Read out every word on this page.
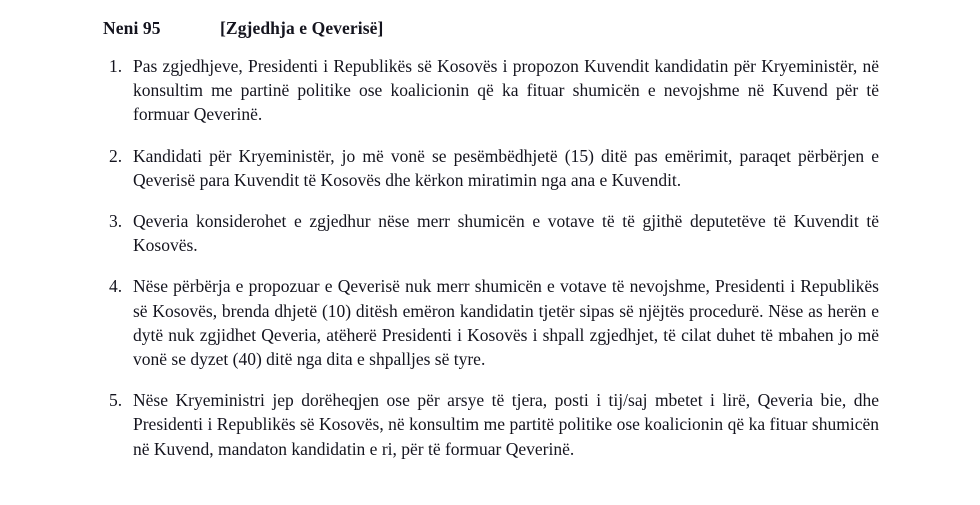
Neni 95	[Zgjedhja e Qeverisë]
1. Pas zgjedhjeve, Presidenti i Republikës së Kosovës i propozon Kuvendit kandidatin për Kryeministër, në konsultim me partinë politike ose koalicionin që ka fituar shumicën e nevojshme në Kuvend për të formuar Qeverinë.
2. Kandidati për Kryeministër, jo më vonë se pesëmbëdhjetë (15) ditë pas emërimit, paraqet përbërjen e Qeverisë para Kuvendit të Kosovës dhe kërkon miratimin nga ana e Kuvendit.
3. Qeveria konsiderohet e zgjedhur nëse merr shumicën e votave të të gjithë deputetëve të Kuvendit të Kosovës.
4. Nëse përbërja e propozuar e Qeverisë nuk merr shumicën e votave të nevojshme, Presidenti i Republikës së Kosovës, brenda dhjetë (10) ditësh emëron kandidatin tjetër sipas së njëjtës procedurë. Nëse as herën e dytë nuk zgjidhet Qeveria, atëherë Presidenti i Kosovës i shpall zgjedhjet, të cilat duhet të mbahen jo më vonë se dyzet (40) ditë nga dita e shpalljes së tyre.
5. Nëse Kryeministri jep dorëheqjen ose për arsye të tjera, posti i tij/saj mbetet i lirë, Qeveria bie, dhe Presidenti i Republikës së Kosovës, në konsultim me partitë politike ose koalicionin që ka fituar shumicën në Kuvend, mandaton kandidatin e ri, për të formuar Qeverinë.
